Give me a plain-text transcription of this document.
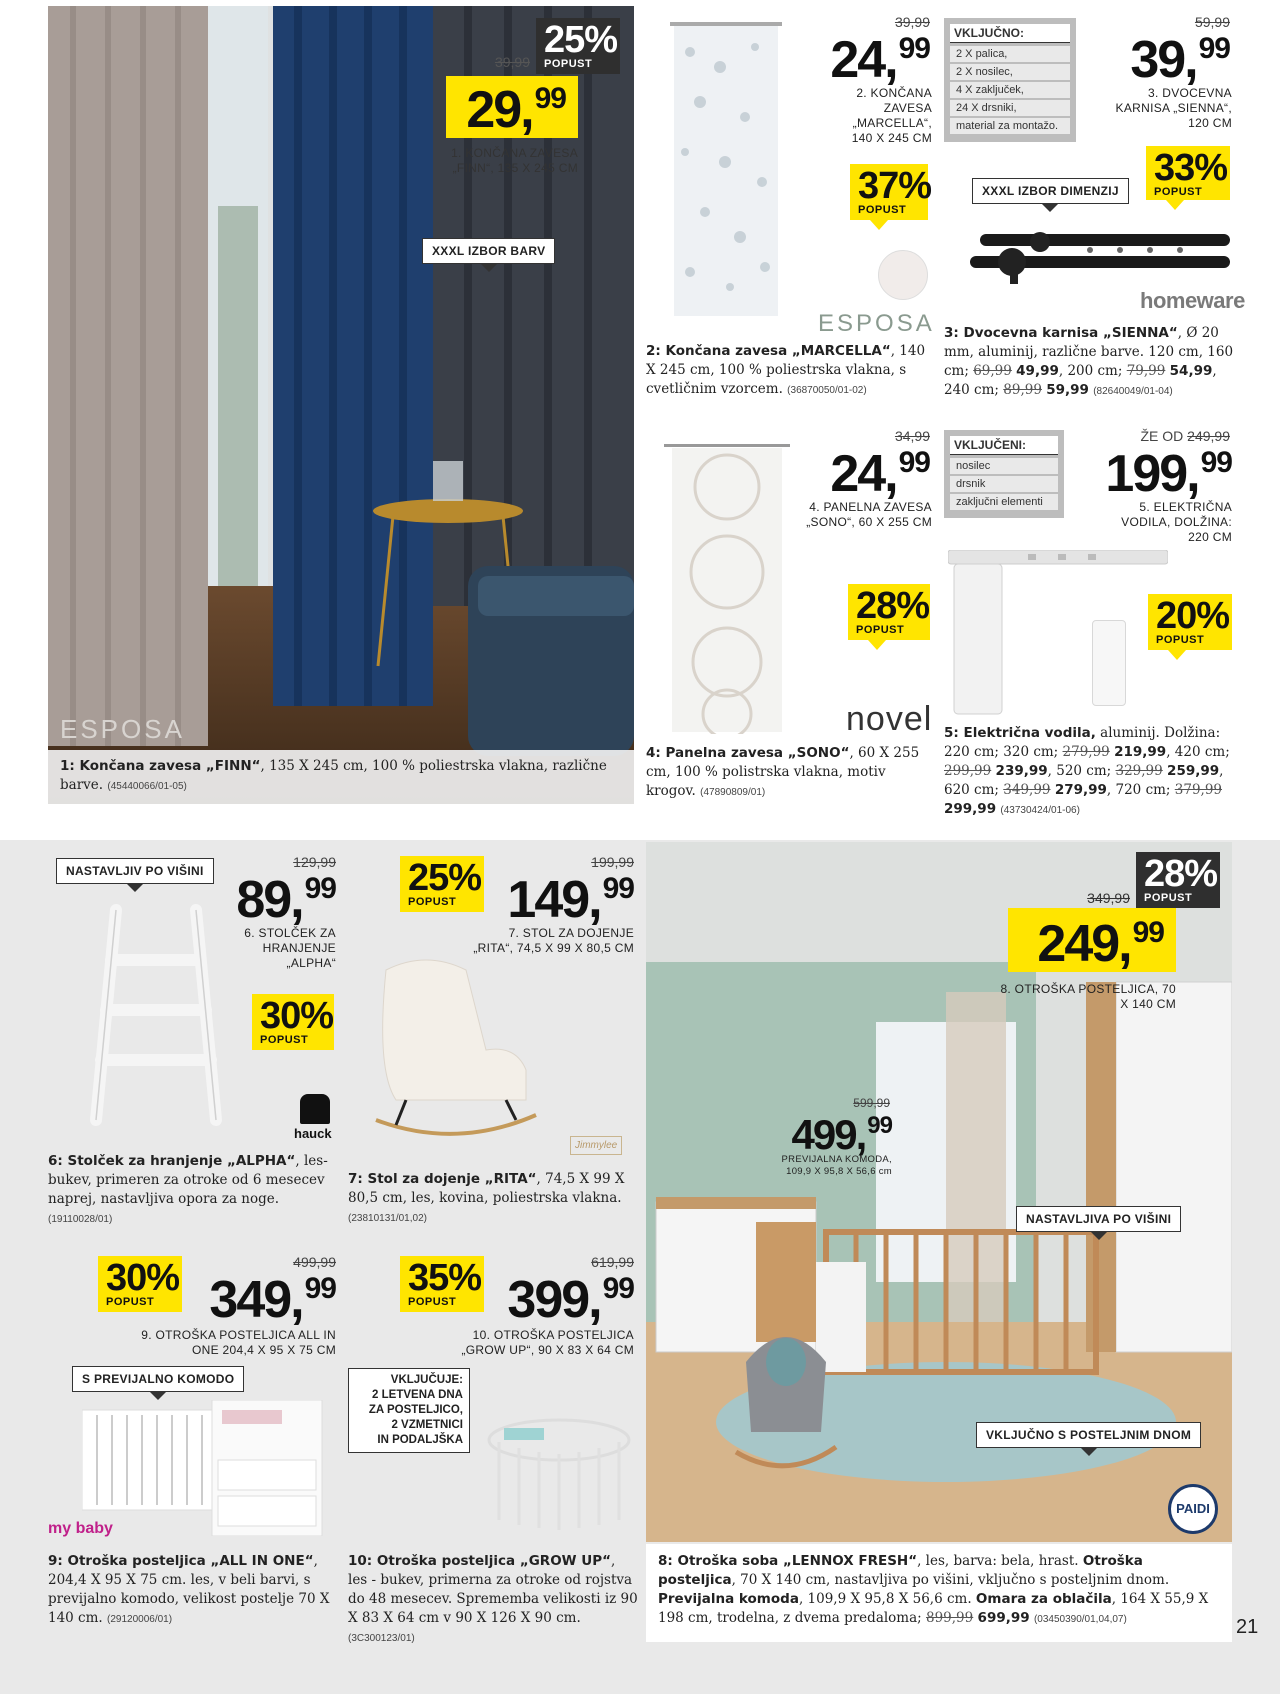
25%
POPUST
39,99
29,99
1. KONČANA ZAVESA „FINN“, 135 X 245 CM
XXXL IZBOR BARV
ESPOSA
1: Končana zavesa „FINN“, 135 X 245 cm, 100 % poliestrska vlakna, različne barve. (45440066/01-05)
39,99
24,99
2. KONČANA ZAVESA „MARCELLA“, 140 X 245 CM
37%
POPUST
ESPOSA
2: Končana zavesa „MARCELLA“, 140 X 245 cm, 100 % poliestrska vlakna, s cvetličnim vzorcem. (36870050/01-02)
VKLJUČNO:
2 X palica,
2 X nosilec,
4 X zaključek,
24 X drsniki,
material za montažo.
59,99
39,99
3. DVOCEVNA KARNISA „SIENNA“, 120 CM
33%
POPUST
XXXL IZBOR DIMENZIJ
homeware
3: Dvocevna karnisa „SIENNA“, Ø 20 mm, aluminij, različne barve. 120 cm, 160 cm; 69,99 49,99, 200 cm; 79,99 54,99, 240 cm; 89,99 59,99 (82640049/01-04)
34,99
24,99
4. PANELNA ZAVESA „SONO“, 60 X 255 CM
28%
POPUST
novel
4: Panelna zavesa „SONO“, 60 X 255 cm, 100 % polistrska vlakna, motiv krogov. (47890809/01)
VKLJUČENI:
nosilec
drsnik
zaključni elementi
ŽE OD 249,99
199,99
5. ELEKTRIČNA VODILA, DOLŽINA: 220 CM
20%
POPUST
5: Električna vodila, aluminij. Dolžina: 220 cm; 320 cm; 279,99 219,99, 420 cm; 299,99 239,99, 520 cm; 329,99 259,99, 620 cm; 349,99 279,99, 720 cm; 379,99 299,99 (43730424/01-06)
NASTAVLJIV PO VIŠINI
129,99
89,99
6. STOLČEK ZA HRANJENJE „ALPHA“
30%
POPUST
hauck
6: Stolček za hranjenje „ALPHA“, les-bukev, primeren za otroke od 6 mesecev naprej, nastavljiva opora za noge.
(19110028/01)
25%
POPUST
199,99
149,99
7. STOL ZA DOJENJE „RITA“, 74,5 X 99 X 80,5 CM
Jimmylee
7: Stol za dojenje „RITA“, 74,5 X 99 X 80,5 cm, les, kovina, poliestrska vlakna.
(23810131/01,02)
30%
POPUST
499,99
349,99
9. OTROŠKA POSTELJICA ALL IN ONE 204,4 X 95 X 75 CM
S PREVIJALNO KOMODO
my baby
9: Otroška posteljica „ALL IN ONE“, 204,4 X 95 X 75 cm. les, v beli barvi, s previjalno komodo, velikost postelje 70 X 140 cm. (29120006/01)
35%
POPUST
619,99
399,99
10. OTROŠKA POSTELJICA „GROW UP“, 90 X 83 X 64 CM
VKLJUČUJE:
2 LETVENA DNA
ZA POSTELJICO,
2 VZMETNICI
IN PODALJŠKA
10: Otroška posteljica „GROW UP“, les - bukev, primerna za otroke od rojstva do 48 mesecev. Sprememba velikosti iz 90 X 83 X 64 cm v 90 X 126 X 90 cm. (3C300123/01)
28%
POPUST
349,99
249,99
8. OTROŠKA POSTELJICA, 70 X 140 CM
599,99
499,99
PREVIJALNA KOMODA, 109,9 X 95,8 X 56,6 cm
NASTAVLJIVA PO VIŠINI
VKLJUČNO S POSTELJNIM DNOM
PAIDI
8: Otroška soba „LENNOX FRESH“, les, barva: bela, hrast. Otroška posteljica, 70 X 140 cm, nastavljiva po višini, vključno s posteljnim dnom. Previjalna komoda, 109,9 X 95,8 X 56,6 cm. Omara za oblačila, 164 X 55,9 X 198 cm, trodelna, z dvema predaloma; 899,99 699,99 (03450390/01,04,07)	21
